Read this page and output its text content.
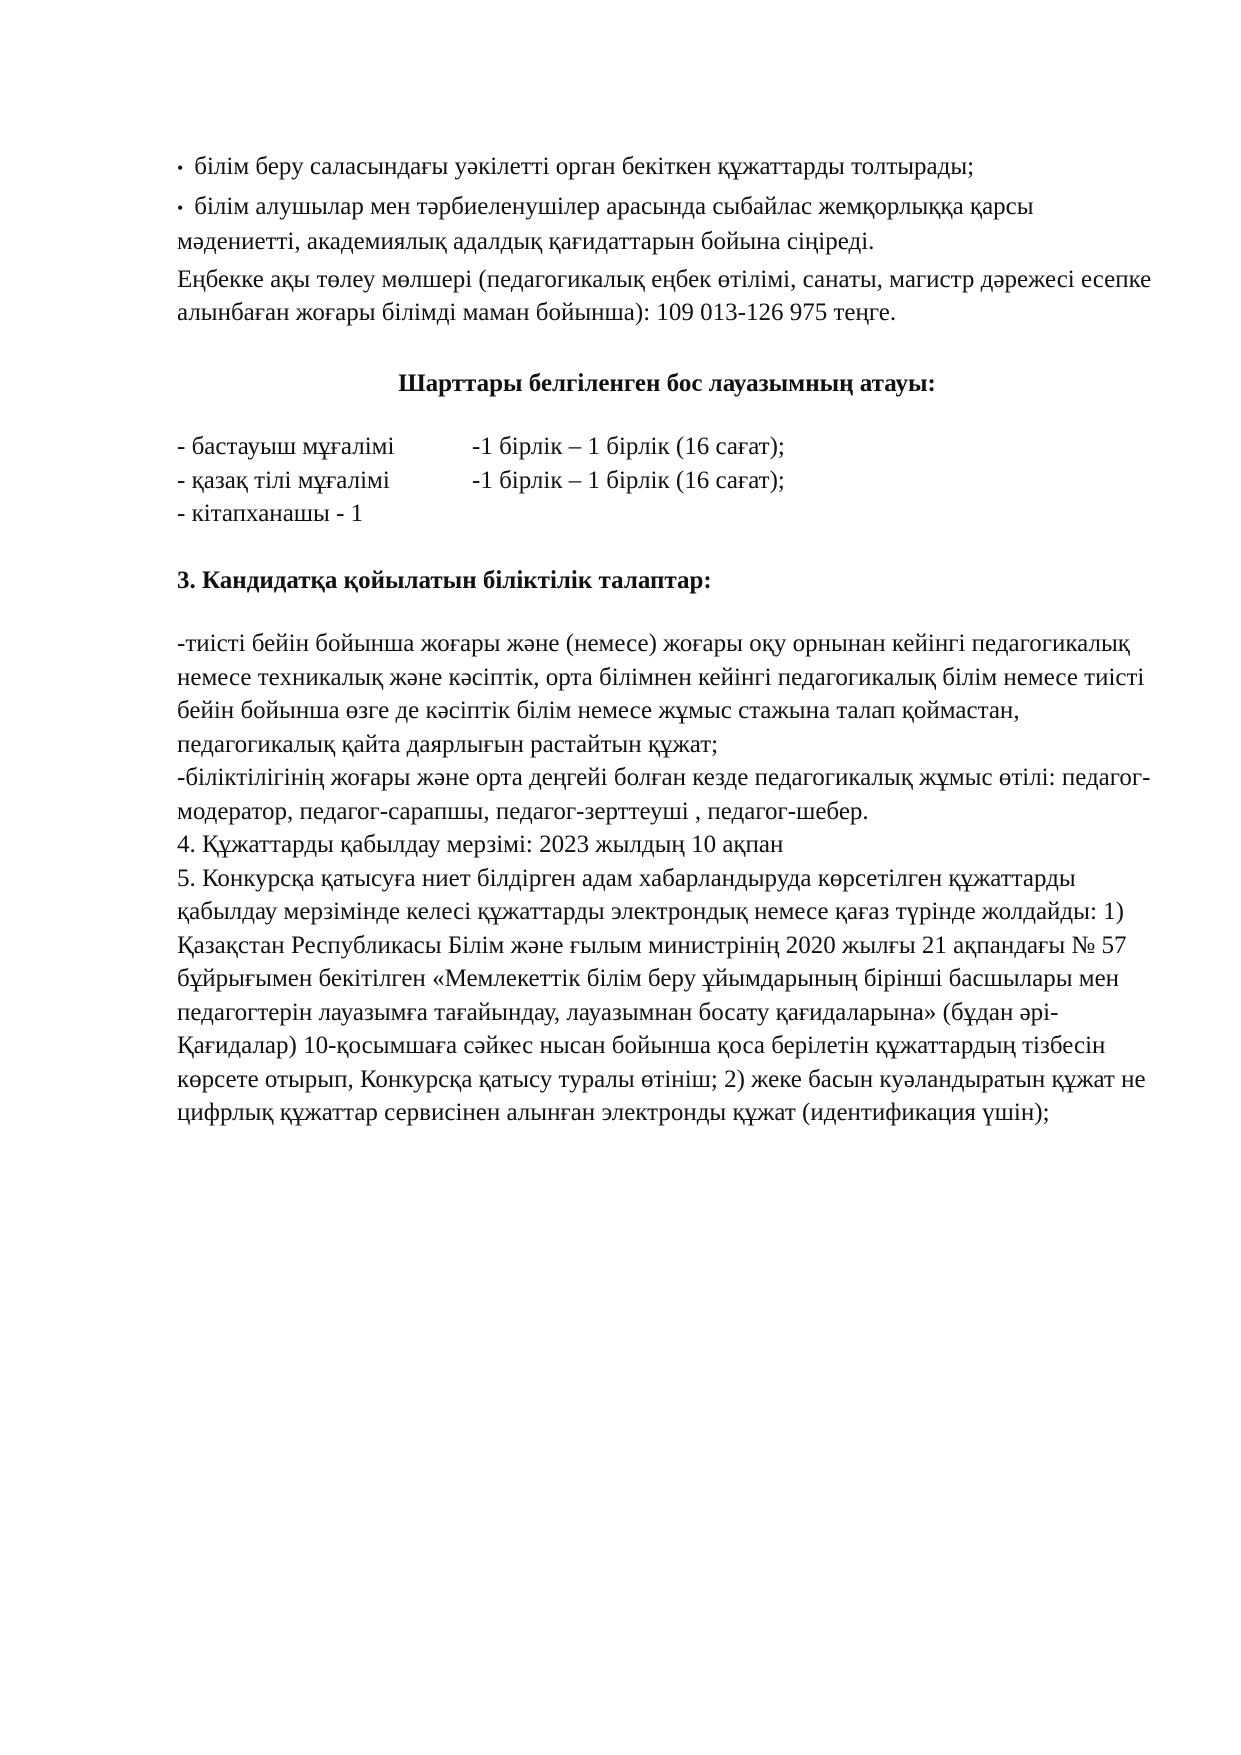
• білім беру саласындағы уәкілетті орган бекіткен құжаттарды толтырады;

• білім алушылар мен тәрбиеленушілер арасында сыбайлас жемқорлыққа қарсы мәдениетті, академиялық адалдық қағидаттарын бойына сіңіреді.

Еңбекке ақы төлеу мөлшері (педагогикалық еңбек өтілімі, санаты, магистр дәрежесі есепке алынбаған жоғары білімді маман бойынша): 109 013-126 975 теңге.

Шарттары белгіленген бос лауазымның атауы:

- бастауыш мұғалімі	-1 бірлік – 1 бірлік (16 сағат);
- қазақ тілі мұғалімі	-1 бірлік – 1 бірлік (16 сағат);
- кітапханашы - 1

3. Кандидатқа қойылатын біліктілік талаптар:

-тиісті бейін бойынша жоғары және (немесе) жоғары оқу орнынан кейінгі педагогикалық немесе техникалық және кәсіптік, орта білімнен кейінгі педагогикалық білім немесе тиісті бейін бойынша өзге де кәсіптік білім немесе жұмыс стажына талап қоймастан, педагогикалық қайта даярлығын растайтын құжат;

-біліктілігінің жоғары және орта деңгейі болған кезде педагогикалық жұмыс өтілі: педагог-модератор, педагог-сарапшы, педагог-зерттеуші , педагог-шебер.

4. Құжаттарды қабылдау мерзімі: 2023 жылдың 10 ақпан

5. Конкурсқа қатысуға ниет білдірген адам хабарландыруда көрсетілген құжаттарды қабылдау мерзімінде келесі құжаттарды электрондық немесе қағаз түрінде жолдайды: 1) Қазақстан Республикасы Білім және ғылым министрінің 2020 жылғы 21 ақпандағы № 57 бұйрығымен бекітілген «Мемлекеттік білім беру ұйымдарының бірінші басшылары мен педагогтерін лауазымға тағайындау, лауазымнан босату қағидаларына» (бұдан әрі-Қағидалар) 10-қосымшаға сәйкес нысан бойынша қоса берілетін құжаттардың тізбесін көрсете отырып, Конкурсқа қатысу туралы өтініш; 2) жеке басын куәландыратын құжат не цифрлық құжаттар сервисінен алынған электронды құжат (идентификация үшін);
